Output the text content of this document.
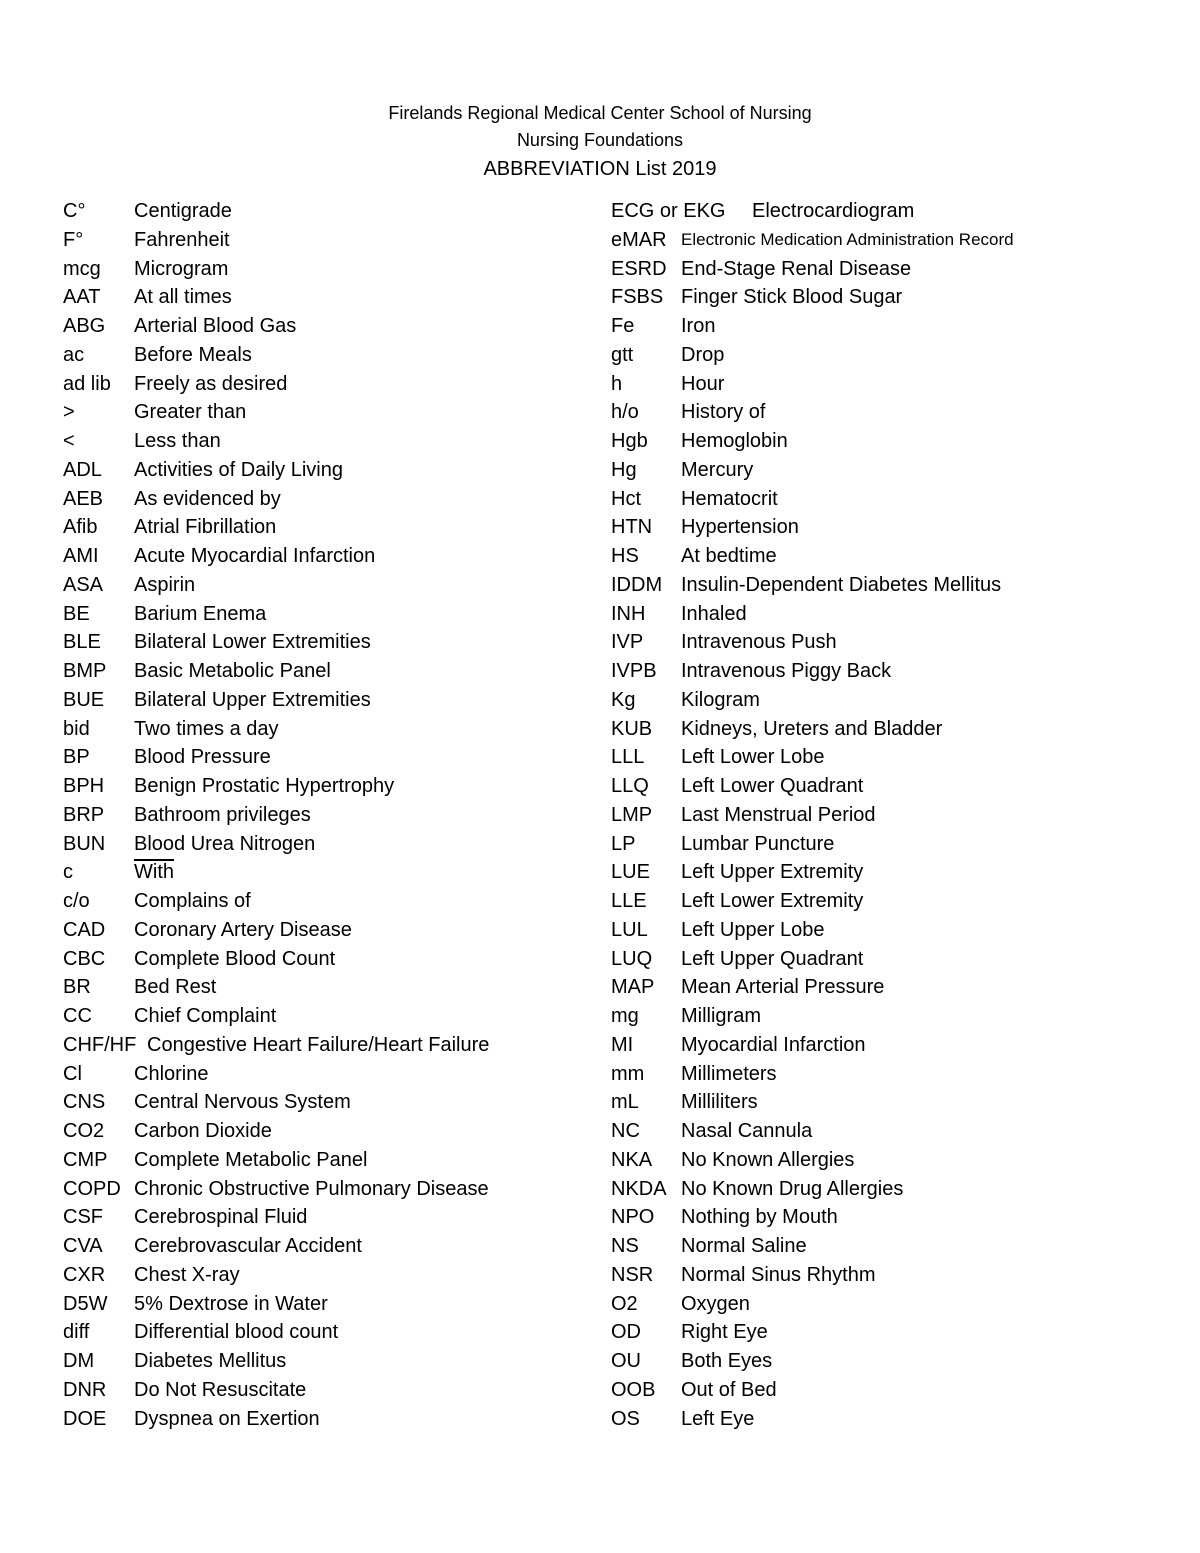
Firelands Regional Medical Center School of Nursing
Nursing Foundations
ABBREVIATION List 2019
C° Centigrade
F°	Fahrenheit
mcg Microgram
AAT At all times
ABG Arterial Blood Gas
ac Before Meals
ad lib Freely as desired
>	Greater than
<	Less than
ADL Activities of Daily Living
AEB As evidenced by
Afib Atrial Fibrillation
AMI Acute Myocardial Infarction
ASA Aspirin
BE Barium Enema
BLE Bilateral Lower Extremities
BMP Basic Metabolic Panel
BUE Bilateral Upper Extremities
bid Two times a day
BP Blood Pressure
BPH Benign Prostatic Hypertrophy
BRP Bathroom privileges
BUN Blood Urea Nitrogen
c	With
c/o Complains of
CAD Coronary Artery Disease
CBC Complete Blood Count
BR Bed Rest
CC Chief Complaint
CHF/HF Congestive Heart Failure/Heart Failure
Cl	Chlorine
CNS Central Nervous System
CO2 Carbon Dioxide
CMP Complete Metabolic Panel
COPD Chronic Obstructive Pulmonary Disease
CSF Cerebrospinal Fluid
CVA Cerebrovascular Accident
CXR Chest X-ray
D5W 5% Dextrose in Water
diff Differential blood count
DM Diabetes Mellitus
DNR Do Not Resuscitate
DOE Dyspnea on Exertion
ECG or EKG Electrocardiogram
eMAR Electronic Medication Administration Record
ESRD End-Stage Renal Disease
FSBS Finger Stick Blood Sugar
Fe Iron
gtt Drop
h	Hour
h/o History of
Hgb Hemoglobin
Hg Mercury
Hct Hematocrit
HTN Hypertension
HS At bedtime
IDDM Insulin-Dependent Diabetes Mellitus
INH Inhaled
IVP Intravenous Push
IVPB Intravenous Piggy Back
Kg Kilogram
KUB Kidneys, Ureters and Bladder
LLL Left Lower Lobe
LLQ Left Lower Quadrant
LMP Last Menstrual Period
LP Lumbar Puncture
LUE Left Upper Extremity
LLE Left Lower Extremity
LUL Left Upper Lobe
LUQ Left Upper Quadrant
MAP Mean Arterial Pressure
mg Milligram
MI Myocardial Infarction
mm Millimeters
mL Milliliters
NC Nasal Cannula
NKA No Known Allergies
NKDA No Known Drug Allergies
NPO Nothing by Mouth
NS Normal Saline
NSR Normal Sinus Rhythm
O2 Oxygen
OD Right Eye
OU Both Eyes
OOB Out of Bed
OS Left Eye
